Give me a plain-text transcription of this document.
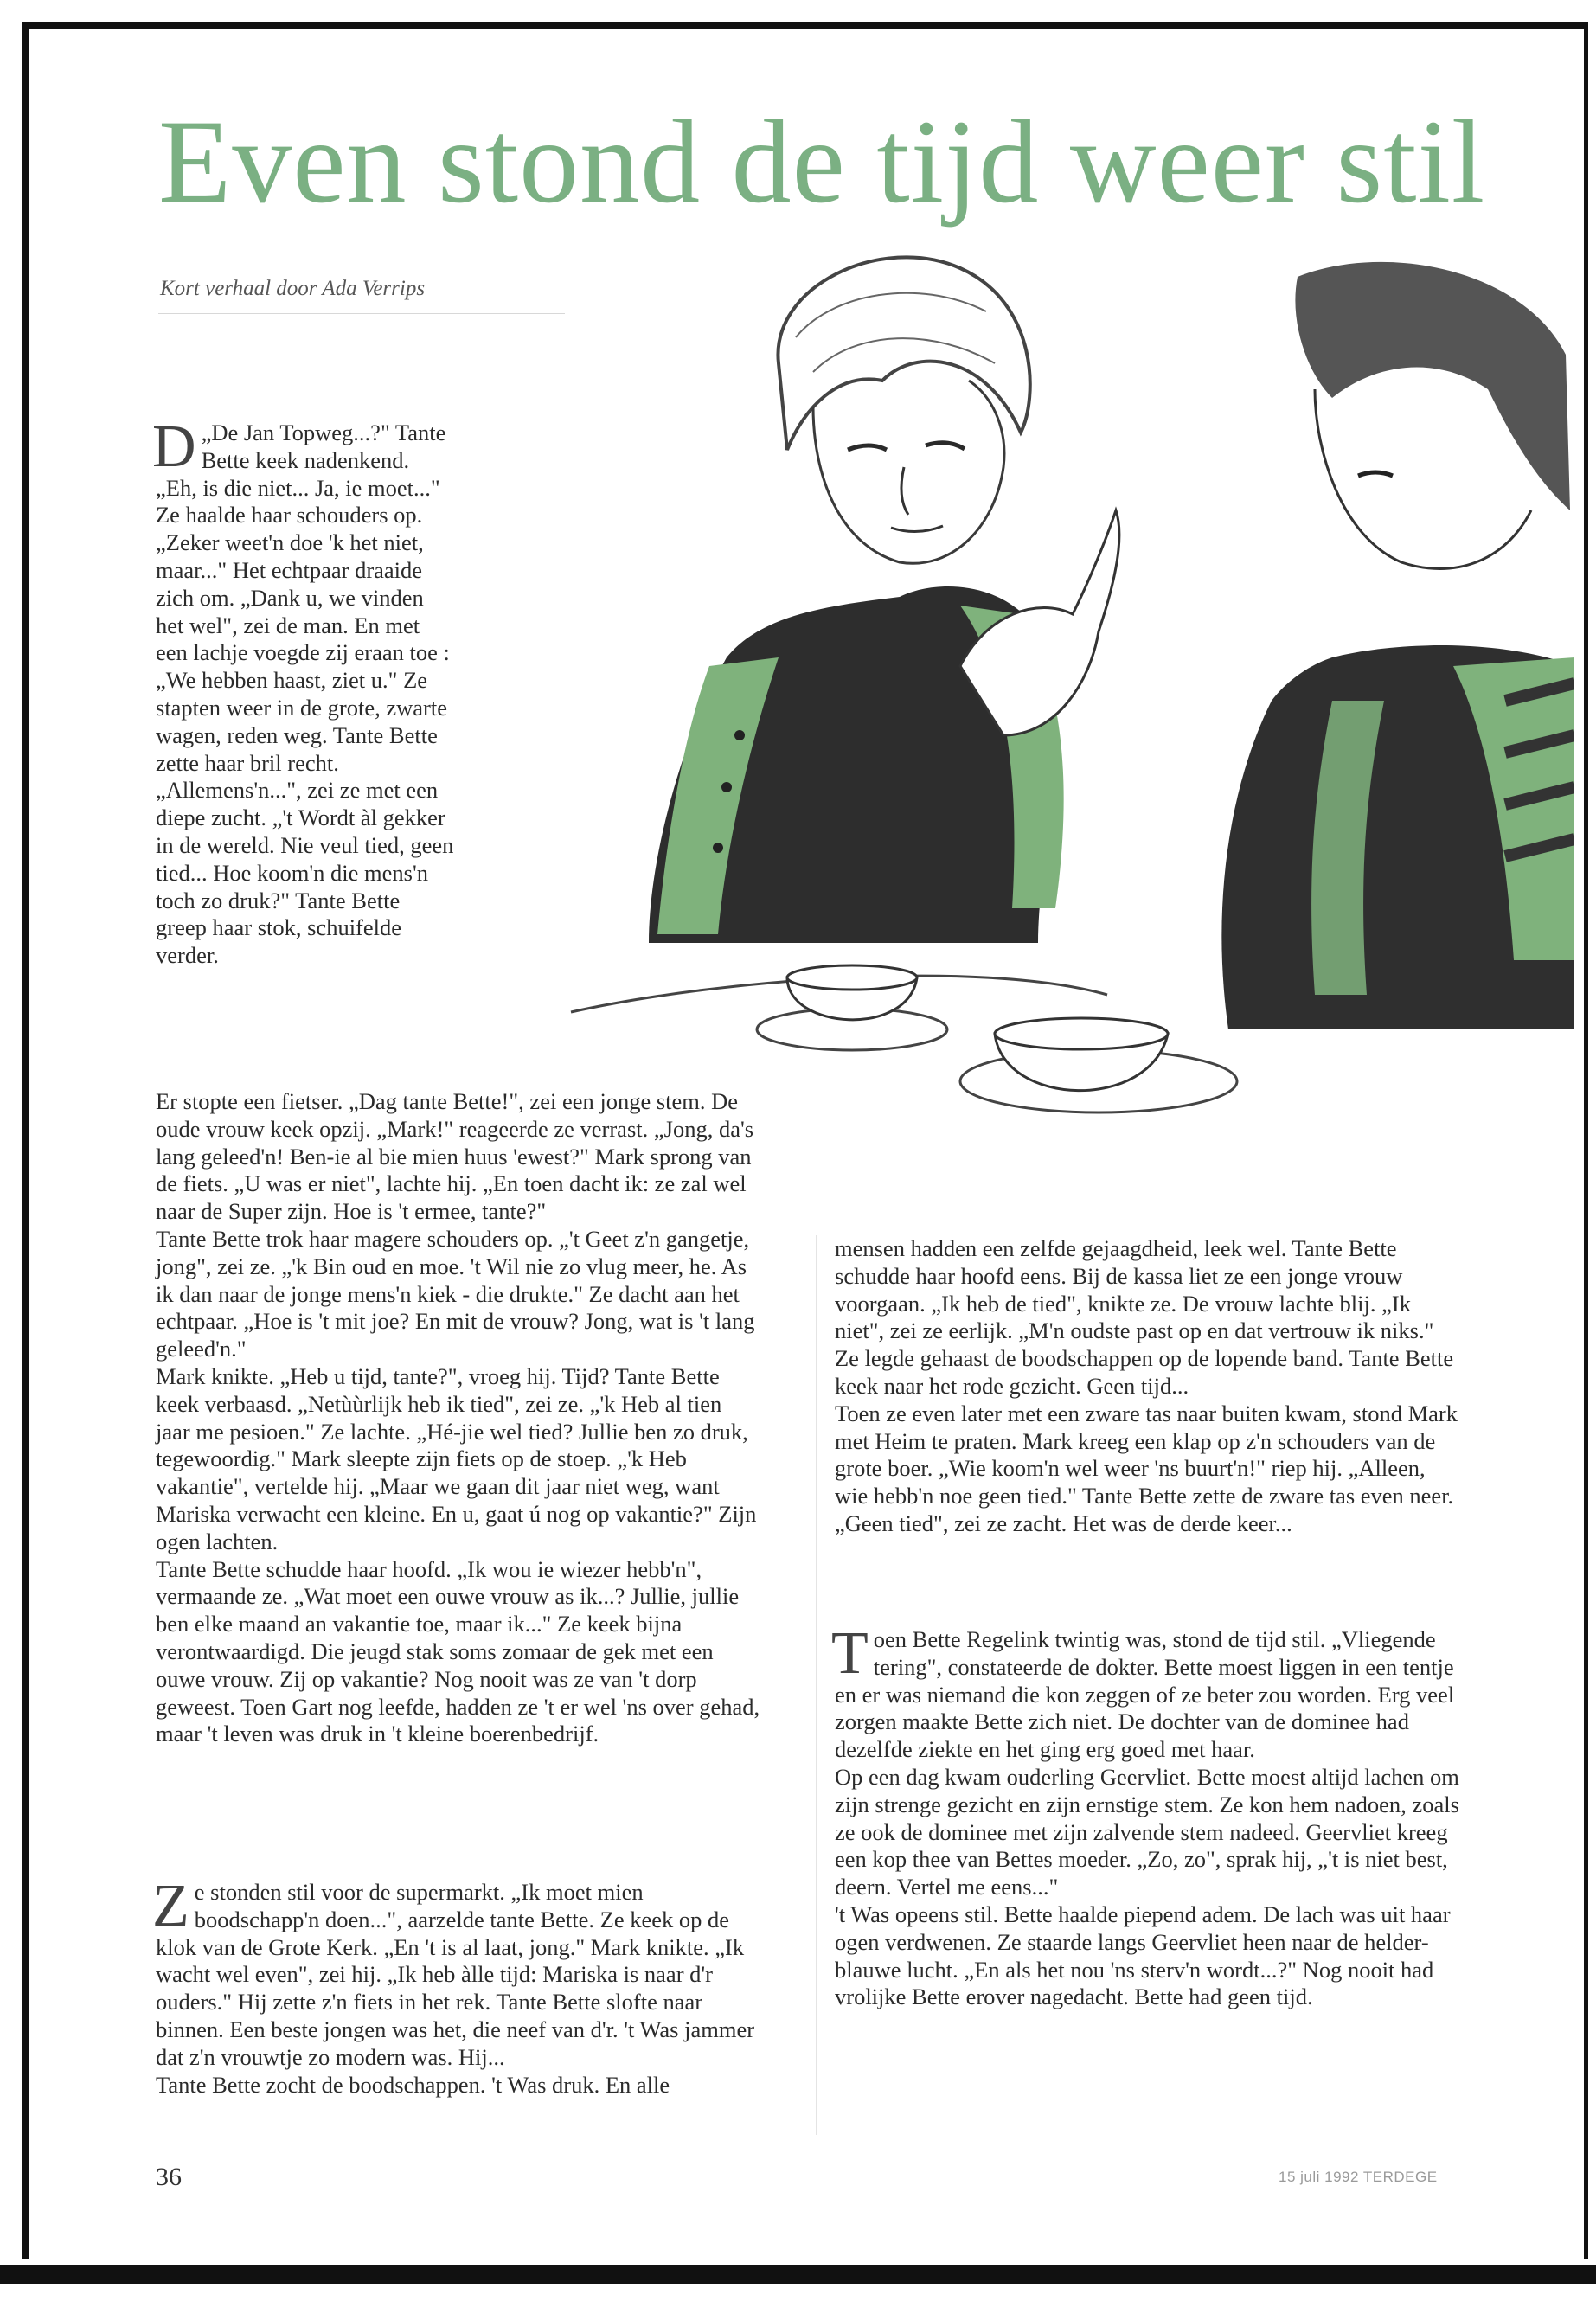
Even stond de tijd weer stil
Kort verhaal door Ada Verrips

D „De Jan Topweg...?" Tante Bette keek nadenkend. „Eh, is die niet... Ja, ie moet..." Ze haalde haar schouders op. „Zeker weet'n doe 'k het niet, maar..." Het echtpaar draaide zich om. „Dank u, we vinden het wel", zei de man. En met een lachje voegde zij eraan toe : „We hebben haast, ziet u." Ze stapten weer in de grote, zwarte wagen, reden weg. Tante Bette zette haar bril recht. „Allemens'n...", zei ze met een diepe zucht. „'t Wordt àl gekker in de wereld. Nie veul tied, geen tied... Hoe koom'n die mens'n toch zo druk?" Tante Bette greep haar stok, schuifelde verder.

Er stopte een fietser. „Dag tante Bette!", zei een jonge stem. De oude vrouw keek opzij. „Mark!" reageerde ze verrast. „Jong, da's lang geleed'n! Ben-ie al bie mien huus 'ewest?" Mark sprong van de fiets. „U was er niet", lachte hij. „En toen dacht ik: ze zal wel naar de Super zijn. Hoe is 't ermee, tante?"

Tante Bette trok haar magere schouders op. „'t Geet z'n gangetje, jong", zei ze. „'k Bin oud en moe. 't Wil nie zo vlug meer, he. As ik dan naar de jonge mens'n kiek - die drukte." Ze dacht aan het echtpaar. „Hoe is 't mit joe? En mit de vrouw? Jong, wat is 't lang geleed'n."

Mark knikte. „Heb u tijd, tante?", vroeg hij. Tijd? Tante Bette keek verbaasd. „Netùùrlijk heb ik tied", zei ze. „'k Heb al tien jaar me pesioen." Ze lachte. „Hé-jie wel tied? Jullie ben zo druk, tegewoordig." Mark sleepte zijn fiets op de stoep. „'k Heb vakantie", vertelde hij. „Maar we gaan dit jaar niet weg, want Mariska verwacht een kleine. En u, gaat ú nog op vakantie?" Zijn ogen lachten.

Tante Bette schudde haar hoofd. „Ik wou ie wiezer hebb'n", vermaande ze. „Wat moet een ouwe vrouw as ik...? Jullie, jullie ben elke maand an vakantie toe, maar ik..." Ze keek bijna verontwaardigd. Die jeugd stak soms zomaar de gek met een ouwe vrouw. Zij op vakantie? Nog nooit was ze van 't dorp geweest. Toen Gart nog leefde, hadden ze 't er wel 'ns over gehad, maar 't leven was druk in 't kleine boerenbedrijf.

Ze stonden stil voor de supermarkt. „Ik moet mien boodschapp'n doen...", aarzelde tante Bette. Ze keek op de klok van de Grote Kerk. „En 't is al laat, jong." Mark knikte. „Ik wacht wel even", zei hij. „Ik heb àlle tijd: Mariska is naar d'r ouders." Hij zette z'n fiets in het rek. Tante Bette slofte naar binnen. Een beste jongen was het, die neef van d'r. 't Was jammer dat z'n vrouwtje zo modern was. Hij...

Tante Bette zocht de boodschappen. 't Was druk. En alle

mensen hadden een zelfde gejaagdheid, leek wel. Tante Bette schudde haar hoofd eens. Bij de kassa liet ze een jonge vrouw voorgaan. „Ik heb de tied", knikte ze. De vrouw lachte blij. „Ik niet", zei ze eerlijk. „M'n oudste past op en dat vertrouw ik niks." Ze legde gehaast de boodschappen op de lopende band. Tante Bette keek naar het rode gezicht. Geen tijd...

Toen ze even later met een zware tas naar buiten kwam, stond Mark met Heim te praten. Mark kreeg een klap op z'n schouders van de grote boer. „Wie koom'n wel weer 'ns buurt'n!" riep hij. „Alleen, wie hebb'n noe geen tied." Tante Bette zette de zware tas even neer. „Geen tied", zei ze zacht. Het was de derde keer...

Toen Bette Regelink twintig was, stond de tijd stil. „Vliegende tering", constateerde de dokter. Bette moest liggen in een tentje en er was niemand die kon zeggen of ze beter zou worden. Erg veel zorgen maakte Bette zich niet. De dochter van de dominee had dezelfde ziekte en het ging erg goed met haar.

Op een dag kwam ouderling Geervliet. Bette moest altijd lachen om zijn strenge gezicht en zijn ernstige stem. Ze kon hem nadoen, zoals ze ook de dominee met zijn zalvende stem nadeed. Geervliet kreeg een kop thee van Bettes moeder. „Zo, zo", sprak hij, „'t is niet best, deern. Vertel me eens..."

't Was opeens stil. Bette haalde piepend adem. De lach was uit haar ogen verdwenen. Ze staarde langs Geervliet heen naar de helder-blauwe lucht. „En als het nou 'ns sterv'n wordt...?" Nog nooit had vrolijke Bette erover nagedacht. Bette had geen tijd.

36	15 juli 1992 TERDEGE
